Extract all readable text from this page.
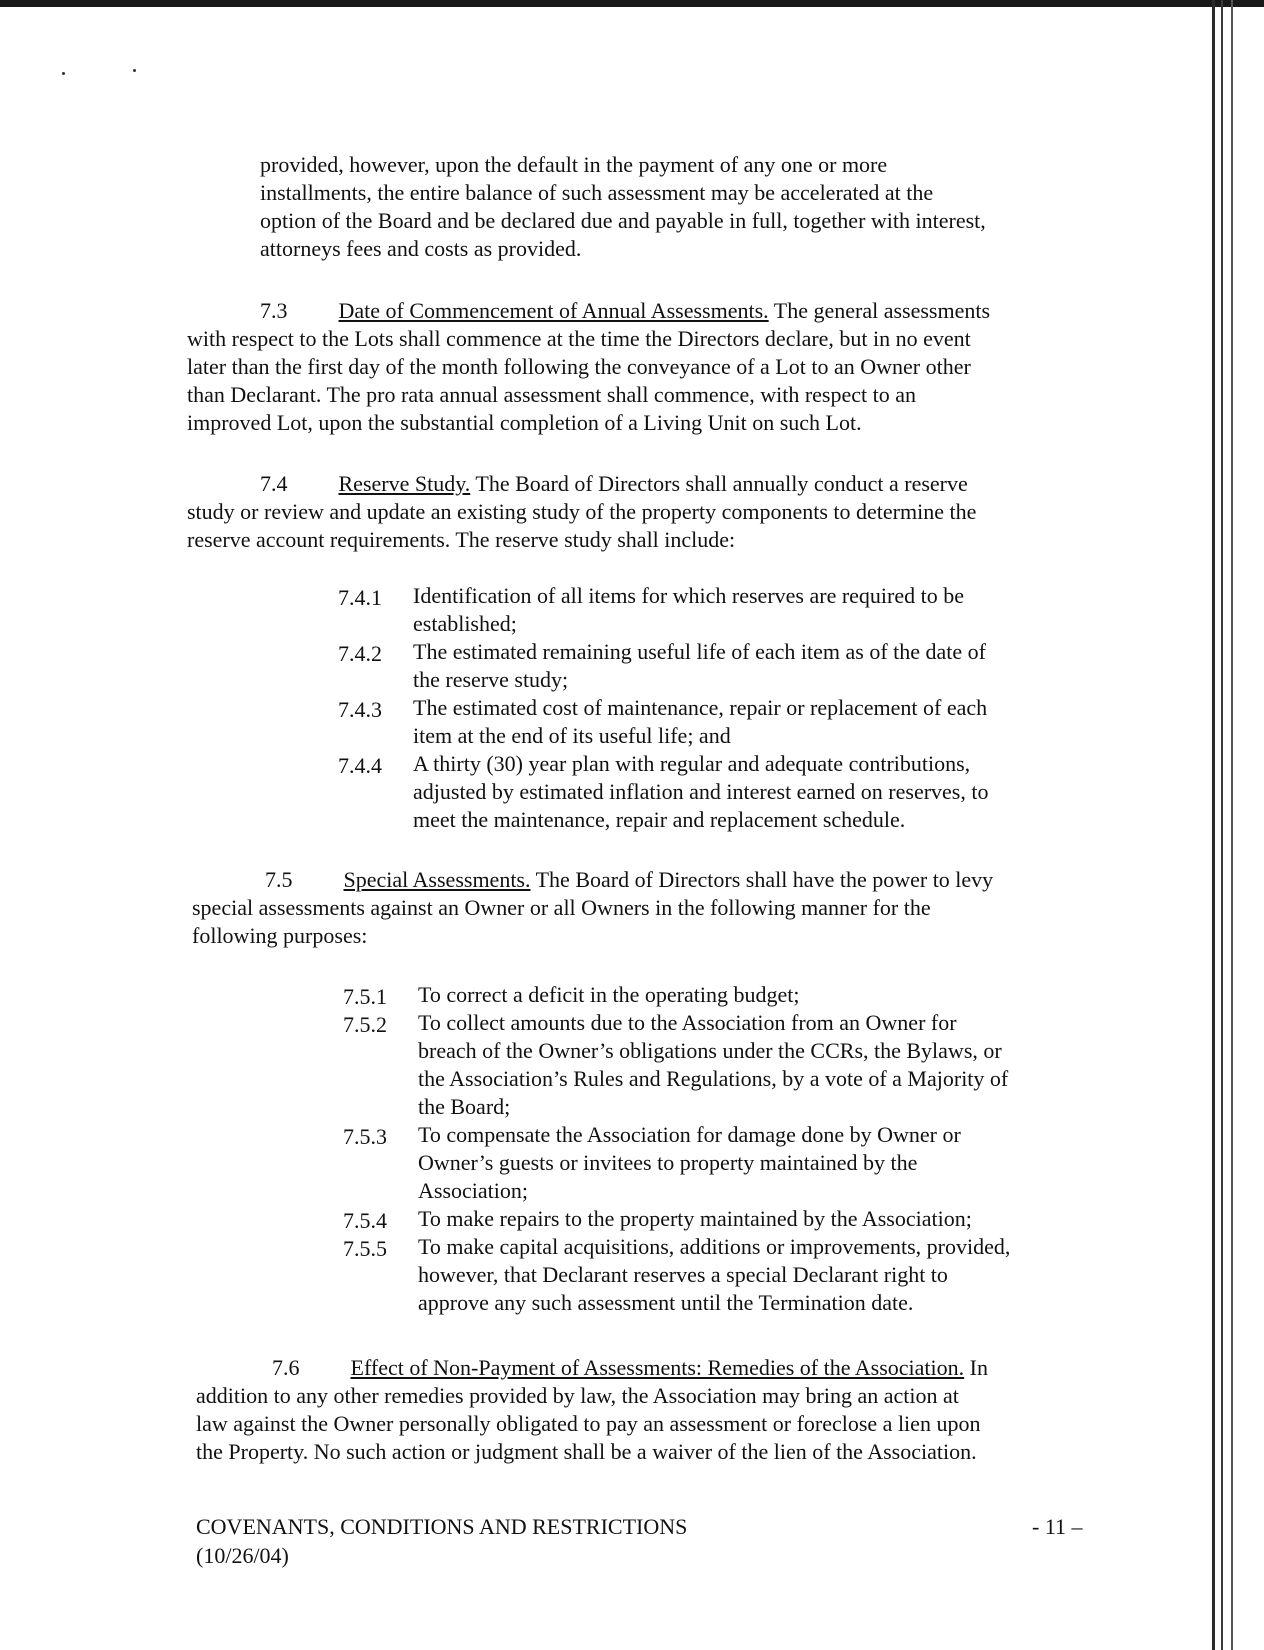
provided, however, upon the default in the payment of any one or more

installments, the entire balance of such assessment may be accelerated at the

option of the Board and be declared due and payable in full, together with interest,

attorneys fees and costs as provided.

7.3 Date of Commencement of Annual Assessments. The general assessments

with respect to the Lots shall commence at the time the Directors declare, but in no event

later than the first day of the month following the conveyance of a Lot to an Owner other

than Declarant. The pro rata annual assessment shall commence, with respect to an

improved Lot, upon the substantial completion of a Living Unit on such Lot.

7.4 Reserve Study. The Board of Directors shall annually conduct a reserve

study or review and update an existing study of the property components to determine the

reserve account requirements. The reserve study shall include:

7.4.1 Identification of all items for which reserves are required to be

established;

7.4.2 The estimated remaining useful life of each item as of the date of

the reserve study;

7.4.3 The estimated cost of maintenance, repair or replacement of each

item at the end of its useful life; and

7.4.4 A thirty (30) year plan with regular and adequate contributions,

adjusted by estimated inflation and interest earned on reserves, to

meet the maintenance, repair and replacement schedule.

7.5 Special Assessments. The Board of Directors shall have the power to levy

special assessments against an Owner or all Owners in the following manner for the

following purposes:

7.5.1 To correct a deficit in the operating budget;

7.5.2 To collect amounts due to the Association from an Owner for

breach of the Owner’s obligations under the CCRs, the Bylaws, or

the Association’s Rules and Regulations, by a vote of a Majority of

the Board;

7.5.3 To compensate the Association for damage done by Owner or

Owner’s guests or invitees to property maintained by the

Association;

7.5.4 To make repairs to the property maintained by the Association;

7.5.5 To make capital acquisitions, additions or improvements, provided,

however, that Declarant reserves a special Declarant right to

approve any such assessment until the Termination date.

7.6 Effect of Non-Payment of Assessments: Remedies of the Association. In

addition to any other remedies provided by law, the Association may bring an action at

law against the Owner personally obligated to pay an assessment or foreclose a lien upon

the Property. No such action or judgment shall be a waiver of the lien of the Association.

COVENANTS, CONDITIONS AND RESTRICTIONS

(10/26/04)

- 11 –
